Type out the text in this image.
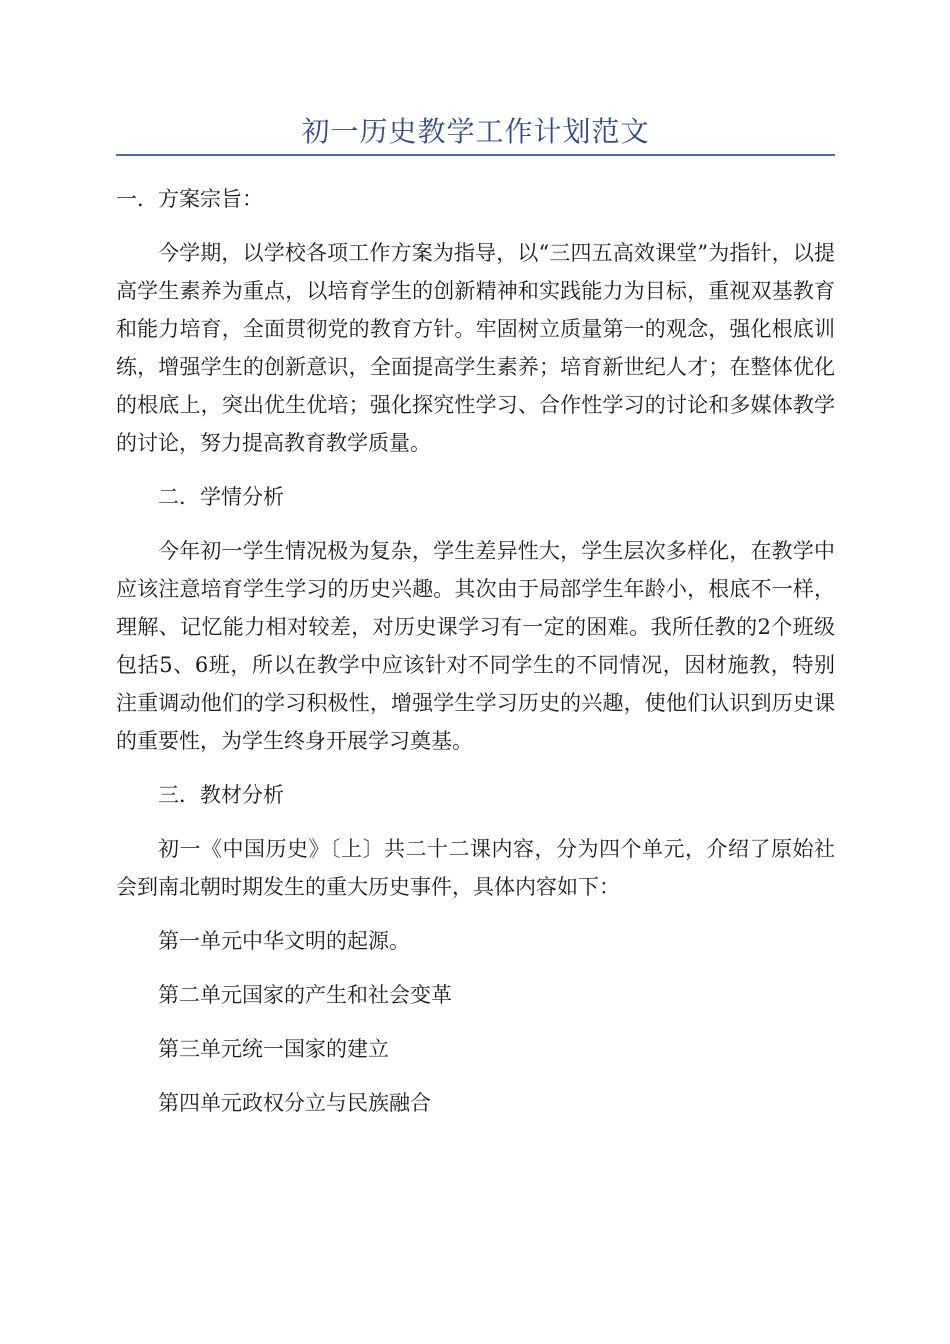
初一历史教学工作计划范文

一．方案宗旨：

今学期，以学校各项工作方案为指导，以“三四五高效课堂”为指针，以提高学生素养为重点，以培育学生的创新精神和实践能力为目标，重视双基教育和能力培育，全面贯彻党的教育方针。牢固树立质量第一的观念，强化根底训练，增强学生的创新意识，全面提高学生素养；培育新世纪人才；在整体优化的根底上，突出优生优培；强化探究性学习、合作性学习的讨论和多媒体教学的讨论，努力提高教育教学质量。

二．学情分析

今年初一学生情况极为复杂，学生差异性大，学生层次多样化，在教学中应该注意培育学生学习的历史兴趣。其次由于局部学生年龄小，根底不一样，理解、记忆能力相对较差，对历史课学习有一定的困难。我所任教的2个班级包括5、6班，所以在教学中应该针对不同学生的不同情况，因材施教，特别注重调动他们的学习积极性，增强学生学习历史的兴趣，使他们认识到历史课的重要性，为学生终身开展学习奠基。

三．教材分析

初一《中国历史》〔上〕共二十二课内容，分为四个单元，介绍了原始社会到南北朝时期发生的重大历史事件，具体内容如下：

第一单元中华文明的起源。

第二单元国家的产生和社会变革

第三单元统一国家的建立

第四单元政权分立与民族融合
